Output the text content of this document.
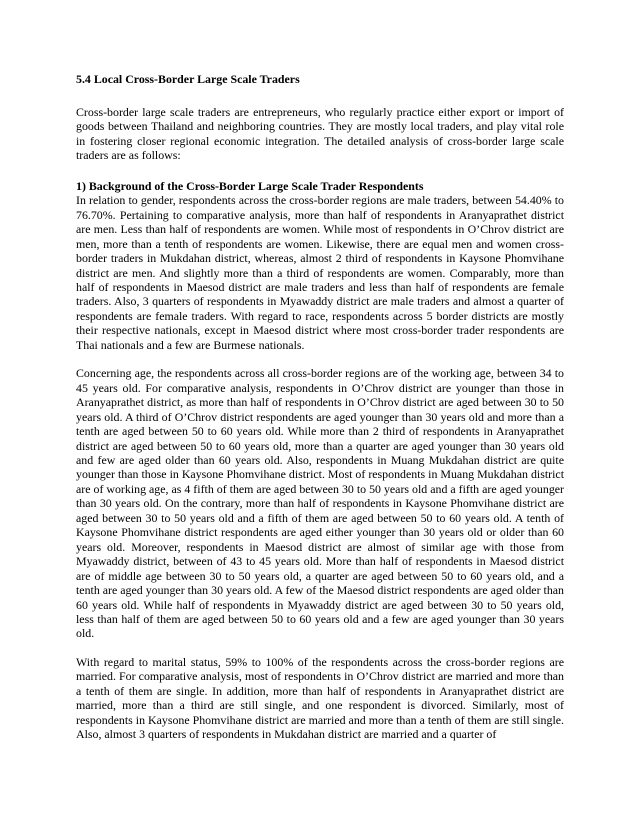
5.4 Local Cross-Border Large Scale Traders

Cross-border large scale traders are entrepreneurs, who regularly practice either export or import of goods between Thailand and neighboring countries. They are mostly local traders, and play vital role in fostering closer regional economic integration. The detailed analysis of cross-border large scale traders are as follows:

1) Background of the Cross-Border Large Scale Trader Respondents

In relation to gender, respondents across the cross-border regions are male traders, between 54.40% to 76.70%. Pertaining to comparative analysis, more than half of respondents in Aranyaprathet district are men. Less than half of respondents are women. While most of respondents in O’Chrov district are men, more than a tenth of respondents are women. Likewise, there are equal men and women cross-border traders in Mukdahan district, whereas, almost 2 third of respondents in Kaysone Phomvihane district are men. And slightly more than a third of respondents are women. Comparably, more than half of respondents in Maesod district are male traders and less than half of respondents are female traders. Also, 3 quarters of respondents in Myawaddy district are male traders and almost a quarter of respondents are female traders. With regard to race, respondents across 5 border districts are mostly their respective nationals, except in Maesod district where most cross-border trader respondents are Thai nationals and a few are Burmese nationals.

Concerning age, the respondents across all cross-border regions are of the working age, between 34 to 45 years old. For comparative analysis, respondents in O’Chrov district are younger than those in Aranyaprathet district, as more than half of respondents in O’Chrov district are aged between 30 to 50 years old. A third of O’Chrov district respondents are aged younger than 30 years old and more than a tenth are aged between 50 to 60 years old. While more than 2 third of respondents in Aranyaprathet district are aged between 50 to 60 years old, more than a quarter are aged younger than 30 years old and few are aged older than 60 years old. Also, respondents in Muang Mukdahan district are quite younger than those in Kaysone Phomvihane district. Most of respondents in Muang Mukdahan district are of working age, as 4 fifth of them are aged between 30 to 50 years old and a fifth are aged younger than 30 years old. On the contrary, more than half of respondents in Kaysone Phomvihane district are aged between 30 to 50 years old and a fifth of them are aged between 50 to 60 years old. A tenth of Kaysone Phomvihane district respondents are aged either younger than 30 years old or older than 60 years old. Moreover, respondents in Maesod district are almost of similar age with those from Myawaddy district, between of 43 to 45 years old. More than half of respondents in Maesod district are of middle age between 30 to 50 years old, a quarter are aged between 50 to 60 years old, and a tenth are aged younger than 30 years old. A few of the Maesod district respondents are aged older than 60 years old. While half of respondents in Myawaddy district are aged between 30 to 50 years old, less than half of them are aged between 50 to 60 years old and a few are aged younger than 30 years old.

With regard to marital status, 59% to 100% of the respondents across the cross-border regions are married. For comparative analysis, most of respondents in O’Chrov district are married and more than a tenth of them are single. In addition, more than half of respondents in Aranyaprathet district are married, more than a third are still single, and one respondent is divorced. Similarly, most of respondents in Kaysone Phomvihane district are married and more than a tenth of them are still single. Also, almost 3 quarters of respondents in Mukdahan district are married and a quarter of
